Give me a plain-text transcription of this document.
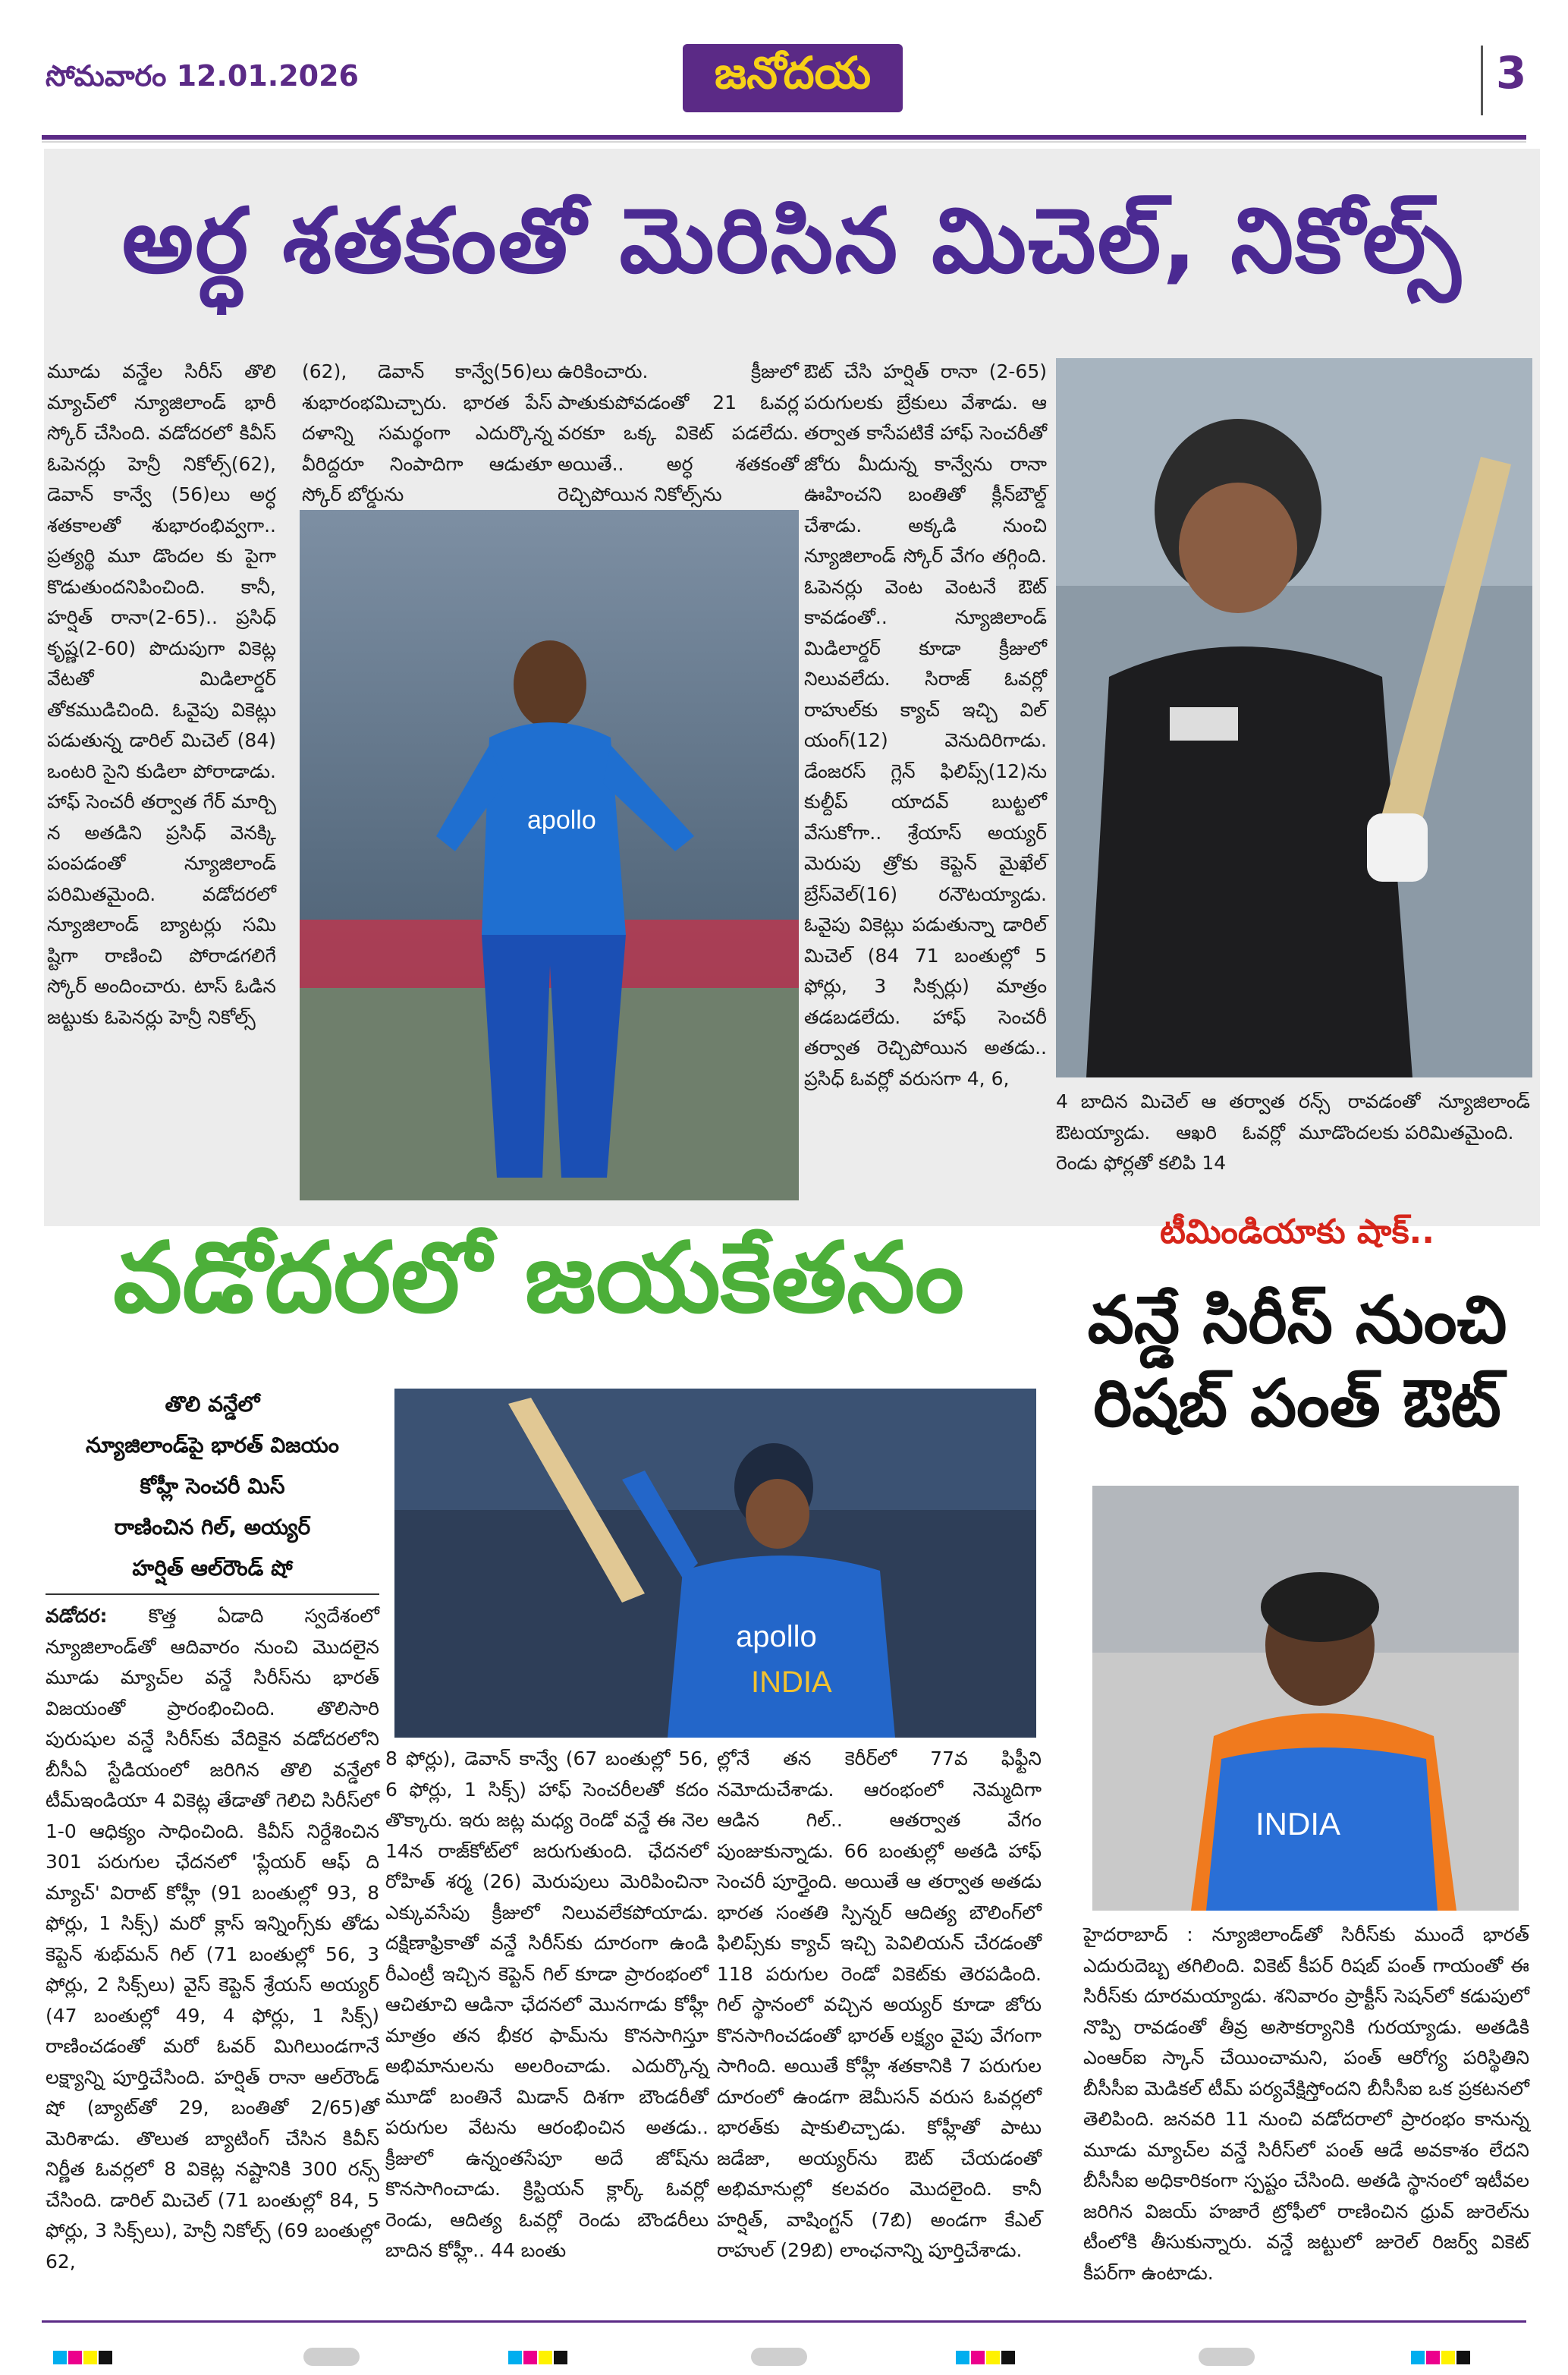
సోమవారం 12.01.2026	జనోదయ	3
అర్ధ శతకంతో మెరిసిన మిచెల్, నికోల్స్

మూడు వన్డేల సిరీస్ తొలి మ్యాచ్‌లో న్యూజిలాండ్ భారీ స్కోర్ చేసింది. వడోదరలో కివీస్ ఓపెనర్లు హెన్రీ నికోల్స్(62), డెవాన్ కాన్వే (56)లు అర్ధ శతకాలతో శుభారంభివ్వగా.. ప్రత్యర్థి మూ డొందల కు పైగా కొడుతుందనిపించింది. కానీ, హర్షిత్ రానా(2-65).. ప్రసిధ్ కృష్ణ(2-60) పొదుపుగా వికెట్ల వేటతో మిడిలార్డర్ తోకముడిచింది. ఓవైపు వికెట్లు పడుతున్న డారిల్ మిచెల్ (84) ఒంటరి సైని కుడిలా పోరాడాడు. హాఫ్ సెంచరీ తర్వాత గేర్ మార్చి న అతడిని ప్రసిధ్ వెనక్కి పంపడంతో న్యూజిలాండ్ పరిమితమైంది. వడోదరలో న్యూజిలాండ్ బ్యాటర్లు సమి ష్టిగా రాణించి పోరాడగలిగే స్కోర్ అందించారు. టాస్ ఓడిన జట్టుకు ఓపెనర్లు హెన్రీ నికోల్స్

(62), డెవాన్ కాన్వే(56)లు శుభారంభమిచ్చారు. భారత పేస్ దళాన్ని సమర్థంగా ఎదుర్కొన్న వీరిద్దరూ నింపాదిగా ఆడుతూ స్కోర్ బోర్డును

ఉరికించారు. క్రీజులో పాతుకుపోవడంతో 21 ఓవర్ల వరకూ ఒక్క వికెట్ పడలేదు. అయితే.. అర్ధ శతకంతో రెచ్చిపోయిన నికోల్స్‌ను

apollo

ఔట్ చేసి హర్షిత్ రానా (2-65) పరుగులకు బ్రేకులు వేశాడు. ఆ తర్వాత కాసేపటికే హాఫ్ సెంచరీతో జోరు మీదున్న కాన్వేను రానా ఊహించని బంతితో క్లీన్‌బౌల్డ్ చేశాడు. అక్కడి నుంచి న్యూజిలాండ్ స్కోర్ వేగం తగ్గింది. ఓపెనర్లు వెంట వెంటనే ఔట్ కావడంతో.. న్యూజిలాండ్ మిడిలార్డర్ కూడా క్రీజులో నిలువలేదు. సిరాజ్ ఓవర్లో రాహుల్‌కు క్యాచ్ ఇచ్చి విల్ యంగ్(12) వెనుదిరిగాడు. డేంజరస్ గ్లెన్ ఫిలిప్స్(12)ను కుల్దీప్ యాదవ్ బుట్టలో వేసుకోగా.. శ్రేయాస్ అయ్యర్ మెరుపు త్రోకు కెప్టెన్ మైఖేల్ బ్రేస్‌వెల్(16) రనౌటయ్యాడు. ఓవైపు వికెట్లు పడుతున్నా డారిల్ మిచెల్ (84 71 బంతుల్లో 5 ఫోర్లు, 3 సిక్సర్లు) మాత్రం తడబడలేదు. హాఫ్ సెంచరీ తర్వాత రెచ్చిపోయిన అతడు.. ప్రసిధ్ ఓవర్లో వరుసగా 4, 6,

4 బాదిన మిచెల్ ఆ తర్వాత ఔటయ్యాడు. ఆఖరి ఓవర్లో రెండు ఫోర్లతో కలిపి 14

రన్స్ రావడంతో న్యూజిలాండ్ మూడొందలకు పరిమితమైంది.

వడోదరలో జయకేతనం
తొలి వన్డేలో
న్యూజిలాండ్‌పై భారత్ విజయం
కోహ్లీ సెంచరీ మిస్
రాణించిన గిల్, అయ్యర్
హర్షిత్ ఆల్‌రౌండ్ షో

వడోదర: కొత్త ఏడాది స్వదేశంలో న్యూజిలాండ్‌తో ఆదివారం నుంచి మొదలైన మూడు మ్యాచ్‌ల వన్డే సిరీస్‌ను భారత్ విజయంతో ప్రారంభించింది. తొలిసారి పురుషుల వన్డే సిరీస్‌కు వేదికైన వడోదరలోని బీసీఏ స్టేడియంలో జరిగిన తొలి వన్డేలో టీమ్‌ఇండియా 4 వికెట్ల తేడాతో గెలిచి సిరీస్‌లో 1-0 ఆధిక్యం సాధించింది. కివీస్ నిర్దేశించిన 301 పరుగుల ఛేదనలో 'ప్లేయర్ ఆఫ్ ది మ్యాచ్' విరాట్ కోహ్లీ (91 బంతుల్లో 93, 8 ఫోర్లు, 1 సిక్స్) మరో క్లాస్ ఇన్నింగ్స్‌కు తోడు కెప్టెన్ శుభ్‌మన్ గిల్ (71 బంతుల్లో 56, 3 ఫోర్లు, 2 సిక్స్‌లు) వైస్ కెప్టెన్ శ్రేయస్ అయ్యర్ (47 బంతుల్లో 49, 4 ఫోర్లు, 1 సిక్స్) రాణించడంతో మరో ఓవర్ మిగిలుండగానే లక్ష్యాన్ని పూర్తిచేసింది. హర్షిత్ రానా ఆల్‌రౌండ్ షో (బ్యాట్‌తో 29, బంతితో 2/65)తో మెరిశాడు. తొలుత బ్యాటింగ్ చేసిన కివీస్ నిర్ణీత ఓవర్లలో 8 వికెట్ల నష్టానికి 300 రన్స్ చేసింది. డారిల్ మిచెల్ (71 బంతుల్లో 84, 5 ఫోర్లు, 3 సిక్స్‌లు), హెన్రీ నికోల్స్ (69 బంతుల్లో 62,

apollo
INDIA

8 ఫోర్లు), డెవాన్ కాన్వే (67 బంతుల్లో 56, 6 ఫోర్లు, 1 సిక్స్) హాఫ్ సెంచరీలతో కదం తొక్కారు. ఇరు జట్ల మధ్య రెండో వన్డే ఈ నెల 14న రాజ్‌కోట్‌లో జరుగుతుంది. ఛేదనలో రోహిత్ శర్మ (26) మెరుపులు మెరిపించినా ఎక్కువసేపు క్రీజులో నిలువలేకపోయాడు. దక్షిణాఫ్రికాతో వన్డే సిరీస్‌కు దూరంగా ఉండి రీఎంట్రీ ఇచ్చిన కెప్టెన్ గిల్ కూడా ప్రారంభంలో ఆచితూచి ఆడినా ఛేదనలో మొనగాడు కోహ్లీ మాత్రం తన భీకర ఫామ్‌ను కొనసాగిస్తూ అభిమానులను అలరించాడు. ఎదుర్కొన్న మూడో బంతినే మిడాన్ దిశగా బౌండరీతో పరుగుల వేటను ఆరంభించిన అతడు.. క్రీజులో ఉన్నంతసేపూ అదే జోష్‌ను కొనసాగించాడు. క్రిస్టియన్ క్లార్క్ ఓవర్లో రెండు, ఆదిత్య ఓవర్లో రెండు బౌండరీలు బాదిన కోహ్లీ.. 44 బంతు

ల్లోనే తన కెరీర్‌లో 77వ ఫిఫ్టీని నమోదుచేశాడు. ఆరంభంలో నెమ్మదిగా ఆడిన గిల్.. ఆతర్వాత వేగం పుంజుకున్నాడు. 66 బంతుల్లో అతడి హాఫ్ సెంచరీ పూర్తైంది. అయితే ఆ తర్వాత అతడు భారత సంతతి స్పిన్నర్ ఆదిత్య బౌలింగ్‌లో ఫిలిప్స్‌కు క్యాచ్ ఇచ్చి పెవిలియన్ చేరడంతో 118 పరుగుల రెండో వికెట్‌కు తెరపడింది. గిల్ స్థానంలో వచ్చిన అయ్యర్ కూడా జోరు కొనసాగించడంతో భారత్ లక్ష్యం వైపు వేగంగా సాగింది. అయితే కోహ్లీ శతకానికి 7 పరుగుల దూరంలో ఉండగా జెమీసన్ వరుస ఓవర్లలో భారత్‌కు షాకులిచ్చాడు. కోహ్లీతో పాటు జడేజా, అయ్యర్‌ను ఔట్ చేయడంతో అభిమానుల్లో కలవరం మొదలైంది. కానీ హర్షిత్, వాషింగ్టన్ (7బి) అండగా కేఎల్ రాహుల్ (29బి) లాంఛనాన్ని పూర్తిచేశాడు.

టీమిండియాకు షాక్..
వన్డే సిరీస్ నుంచి
రిషబ్ పంత్ ఔట్
INDIA

హైదరాబాద్ : న్యూజిలాండ్‌తో సిరీస్‌కు ముందే భారత్ ఎదురుదెబ్బ తగిలింది. వికెట్ కీపర్ రిషబ్ పంత్ గాయంతో ఈ సిరీస్‌కు దూరమయ్యాడు. శనివారం ప్రాక్టీస్ సెషన్‌లో కడుపులో నొప్పి రావడంతో తీవ్ర అసౌకర్యానికి గురయ్యాడు. అతడికి ఎంఆర్ఐ స్కాన్ చేయించామని, పంత్ ఆరోగ్య పరిస్థితిని బీసీసీఐ మెడికల్ టీమ్ పర్యవేక్షిస్తోందని బీసీసీఐ ఒక ప్రకటనలో తెలిపింది. జనవరి 11 నుంచి వడోదరాలో ప్రారంభం కానున్న మూడు మ్యాచ్‌ల వన్డే సిరీస్‌లో పంత్ ఆడే అవకాశం లేదని బీసీసీఐ అధికారికంగా స్పష్టం చేసింది. అతడి స్థానంలో ఇటీవల జరిగిన విజయ్ హజారే ట్రోఫీలో రాణించిన ధ్రువ్ జురెల్‌ను టీంలోకి తీసుకున్నారు. వన్డే జట్టులో జురెల్ రిజర్వ్ వికెట్ కీపర్‌గా ఉంటాడు.
